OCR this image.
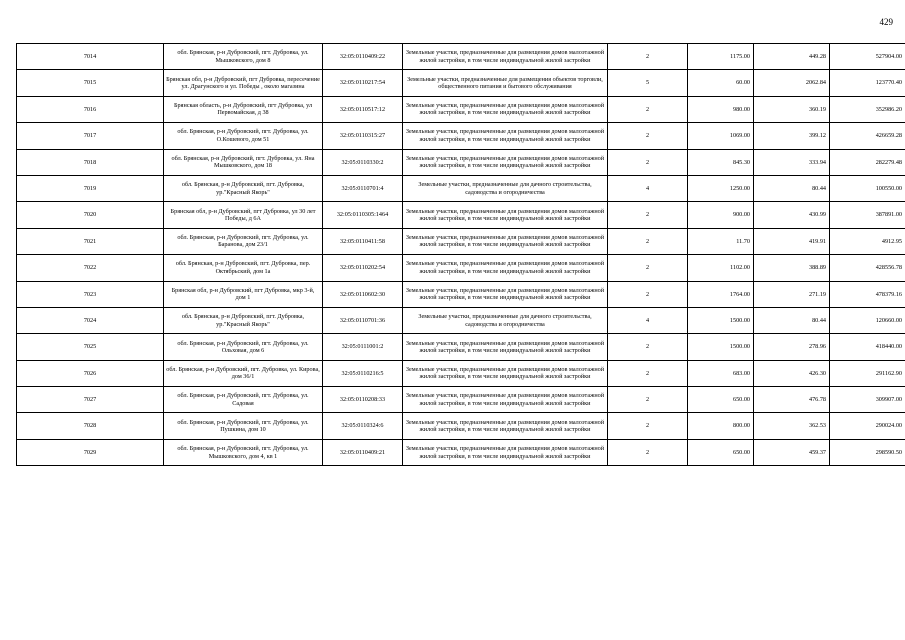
429
7014	обл. Брянская, р-н Дубровский, пгт. Дубровка, ул. Мышковского, дом 8	32:05:0110409:22	Земельные участки, предназначенные для размещения домов малоэтажной жилой застройки, в том числе индивидуальной жилой застройки	2	1175.00	449.28	527904.00
7015	Брянская обл, р-н Дубровский, пгт Дубровка, пересечение ул. Драгунского и ул. Победы , около магазина	32:05:0110217:54	Земельные участки, предназначенные для размещения объектов торговли, общественного питания и бытового обслуживания	5	60.00	2062.84	123770.40
7016	Брянская область, р-н Дубровский, пгт Дубровка, ул Первомайская, д 38	32:05:0110517:12	Земельные участки, предназначенные для размещения домов малоэтажной жилой застройки, в том числе индивидуальной жилой застройки	2	980.00	360.19	352986.20
7017	обл. Брянская, р-н Дубровский, пгт. Дубровка, ул. О.Кошевого, дом 51	32:05:0110315:27	Земельные участки, предназначенные для размещения домов малоэтажной жилой застройки, в том числе индивидуальной жилой застройки	2	1069.00	399.12	426659.28
7018	обл. Брянская, р-н Дубровский, пгт. Дубровка, ул. Яна Мышковского, дом 18	32:05:0110330:2	Земельные участки, предназначенные для размещения домов малоэтажной жилой застройки, в том числе индивидуальной жилой застройки	2	845.30	333.94	282279.48
7019	обл. Брянская, р-н Дубровский, пгт. Дубровка, ур."Красный Якорь"	32:05:0110701:4	Земельные участки, предназначенные для дачного строительства, садоводства и огородничества	4	1250.00	80.44	100550.00
7020	Брянская обл, р-н Дубровский, пгт Дубровка, ул 30 лет Победы, д 6А	32:05:0110305:1464	Земельные участки, предназначенные для размещения домов малоэтажной жилой застройки, в том числе индивидуальной жилой застройки	2	900.00	430.99	387891.00
7021	обл. Брянская, р-н Дубровский, пгт. Дубровка, ул. Баранова, дом 23/1	32:05:0110411:58	Земельные участки, предназначенные для размещения домов малоэтажной жилой застройки, в том числе индивидуальной жилой застройки	2	11.70	419.91	4912.95
7022	обл. Брянская, р-н Дубровский, пгт. Дубровка, пер. Октябрьский, дом 1а	32:05:0110202:54	Земельные участки, предназначенные для размещения домов малоэтажной жилой застройки, в том числе индивидуальной жилой застройки	2	1102.00	388.89	428556.78
7023	Брянская обл, р-н Дубровский, пгт Дубровка, мкр 3-й, дом 1	32:05:0110602:30	Земельные участки, предназначенные для размещения домов малоэтажной жилой застройки, в том числе индивидуальной жилой застройки	2	1764.00	271.19	478379.16
7024	обл. Брянская, р-н Дубровский, пгт. Дубровка, ур."Красный Якорь"	32:05:0110701:36	Земельные участки, предназначенные для дачного строительства, садоводства и огородничества	4	1500.00	80.44	120660.00
7025	обл. Брянская, р-н Дубровский, пгт. Дубровка, ул. Ольховая, дом 6	32:05:0111001:2	Земельные участки, предназначенные для размещения домов малоэтажной жилой застройки, в том числе индивидуальной жилой застройки	2	1500.00	278.96	418440.00
7026	обл. Брянская, р-н Дубровский, пгт. Дубровка, ул. Кирова, дом 36/1	32:05:0110216:5	Земельные участки, предназначенные для размещения домов малоэтажной жилой застройки, в том числе индивидуальной жилой застройки	2	683.00	426.30	291162.90
7027	обл. Брянская, р-н Дубровский, пгт. Дубровка, ул. Садовая	32:05:0110208:33	Земельные участки, предназначенные для размещения домов малоэтажной жилой застройки, в том числе индивидуальной жилой застройки	2	650.00	476.78	309907.00
7028	обл. Брянская, р-н Дубровский, пгт. Дубровка, ул. Пушкина, дом 10	32:05:0110324:6	Земельные участки, предназначенные для размещения домов малоэтажной жилой застройки, в том числе индивидуальной жилой застройки	2	800.00	362.53	290024.00
7029	обл. Брянская, р-н Дубровский, пгт. Дубровка, ул. Мышковского, дом 4, кв 1	32:05:0110409:21	Земельные участки, предназначенные для размещения домов малоэтажной жилой застройки, в том числе индивидуальной жилой застройки	2	650.00	459.37	298590.50
